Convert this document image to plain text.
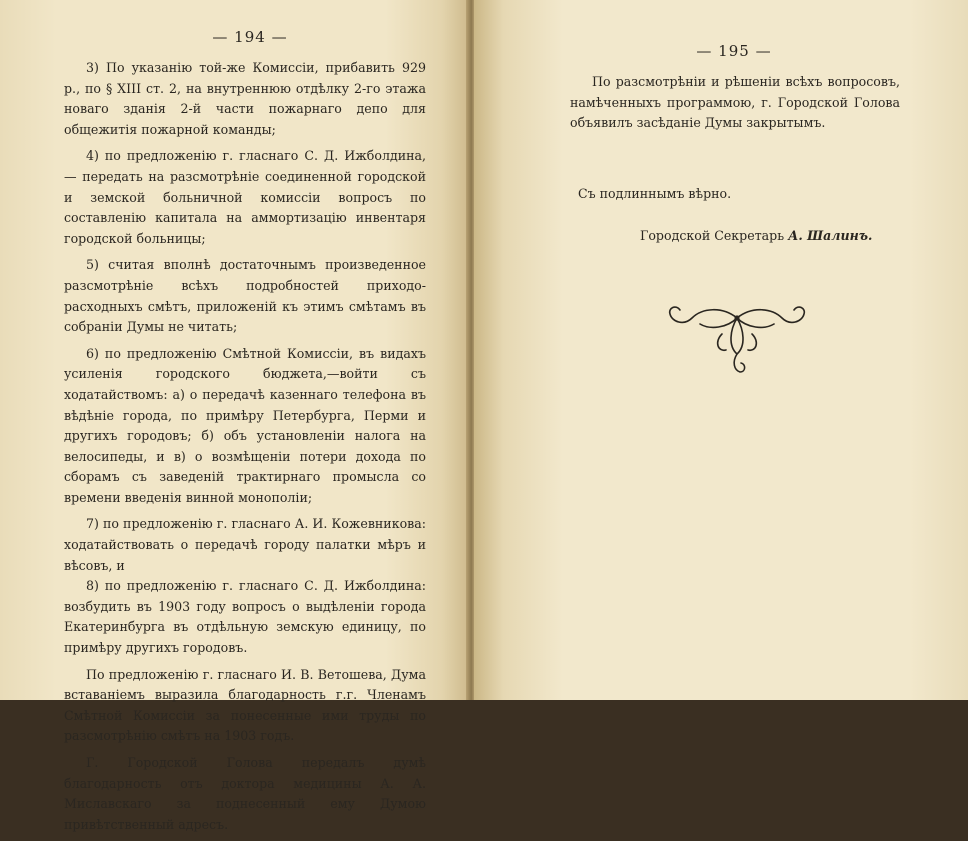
— 194 —

3) По указанію той-же Комиссіи, прибавить 929 р., по § XIII ст. 2, на внутреннюю отдѣлку 2-го этажа новаго зданія 2-й части пожарнаго депо для общежитія пожарной команды;

4) по предложенію г. гласнаго С. Д. Ижболдина, — передать на разсмотрѣніе соединенной городской и земской больничной комиссіи вопросъ по составленію капитала на аммортизацію инвентаря городской больницы;

5) считая вполнѣ достаточнымъ произведенное разсмотрѣніе всѣхъ подробностей приходо-расходныхъ смѣтъ, приложеній къ этимъ смѣтамъ въ собраніи Думы не читать;

6) по предложенію Смѣтной Комиссіи, въ видахъ усиленія городского бюджета,—войти съ ходатайствомъ: а) о передачѣ казеннаго телефона въ вѣдѣніе города, по примѣру Петербурга, Перми и другихъ городовъ; б) объ установленіи налога на велосипеды, и в) о возмѣщеніи потери дохода по сборамъ съ заведеній трактирнаго промысла со времени введенія винной монополіи;

7) по предложенію г. гласнаго А. И. Кожевникова: ходатайствовать о передачѣ городу палатки мѣръ и вѣсовъ, и

8) по предложенію г. гласнаго С. Д. Ижболдина: возбудить въ 1903 году вопросъ о выдѣленіи города Екатеринбурга въ отдѣльную земскую единицу, по примѣру другихъ городовъ.

По предложенію г. гласнаго И. В. Ветошева, Дума вставаніемъ выразила благодарность г.г. Членамъ Смѣтной Комиссіи за понесенные ими труды по разсмотрѣнію смѣтъ на 1903 годъ.

Г. Городской Голова передалъ думѣ благодарность отъ доктора медицины А. А. Миславскаго за поднесенный ему Думою привѣтственный адресъ.

— 195 —

По разсмотрѣніи и рѣшеніи всѣхъ вопросовъ, намѣченныхъ программою, г. Городской Голова объявилъ засѣданіе Думы закрытымъ.

Съ подлиннымъ вѣрно.
Городской Секретарь А. Шалинъ.
